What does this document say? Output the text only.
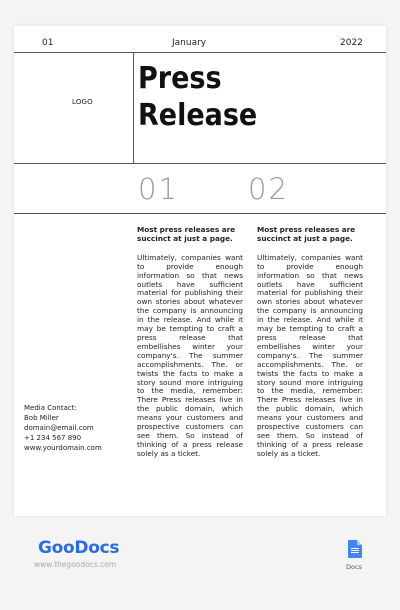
01	January	2022
LOGO
Press
Release
01 02
Most press releases are succinct at just a page.
Ultimately, companies want to provide enough information so that news outlets have sufficient material for publishing their own stories about whatever the company is announcing in the release. And while it may be tempting to craft a press release that embellishes winter your company's. The summer accomplishments. The. or twists the facts to make a story sound more intriguing to the media, remember: There Press releases live in the public domain, which means your customers and prospective customers can see them. So instead of thinking of a press release solely as a ticket.
Most press releases are succinct at just a page.
Ultimately, companies want to provide enough information so that news outlets have sufficient material for publishing their own stories about whatever the company is announcing in the release. And while it may be tempting to craft a press release that embellishes winter your company's. The summer accomplishments. The. or twists the facts to make a story sound more intriguing to the media, remember: There Press releases live in the public domain, which means your customers and prospective customers can see them. So instead of thinking of a press release solely as a ticket.
Media Contact:
Bob Miller
domain@email.com
+1 234 567 890
www.yourdomain.com
GooDocs
www.thegoodocs.com	Docs
